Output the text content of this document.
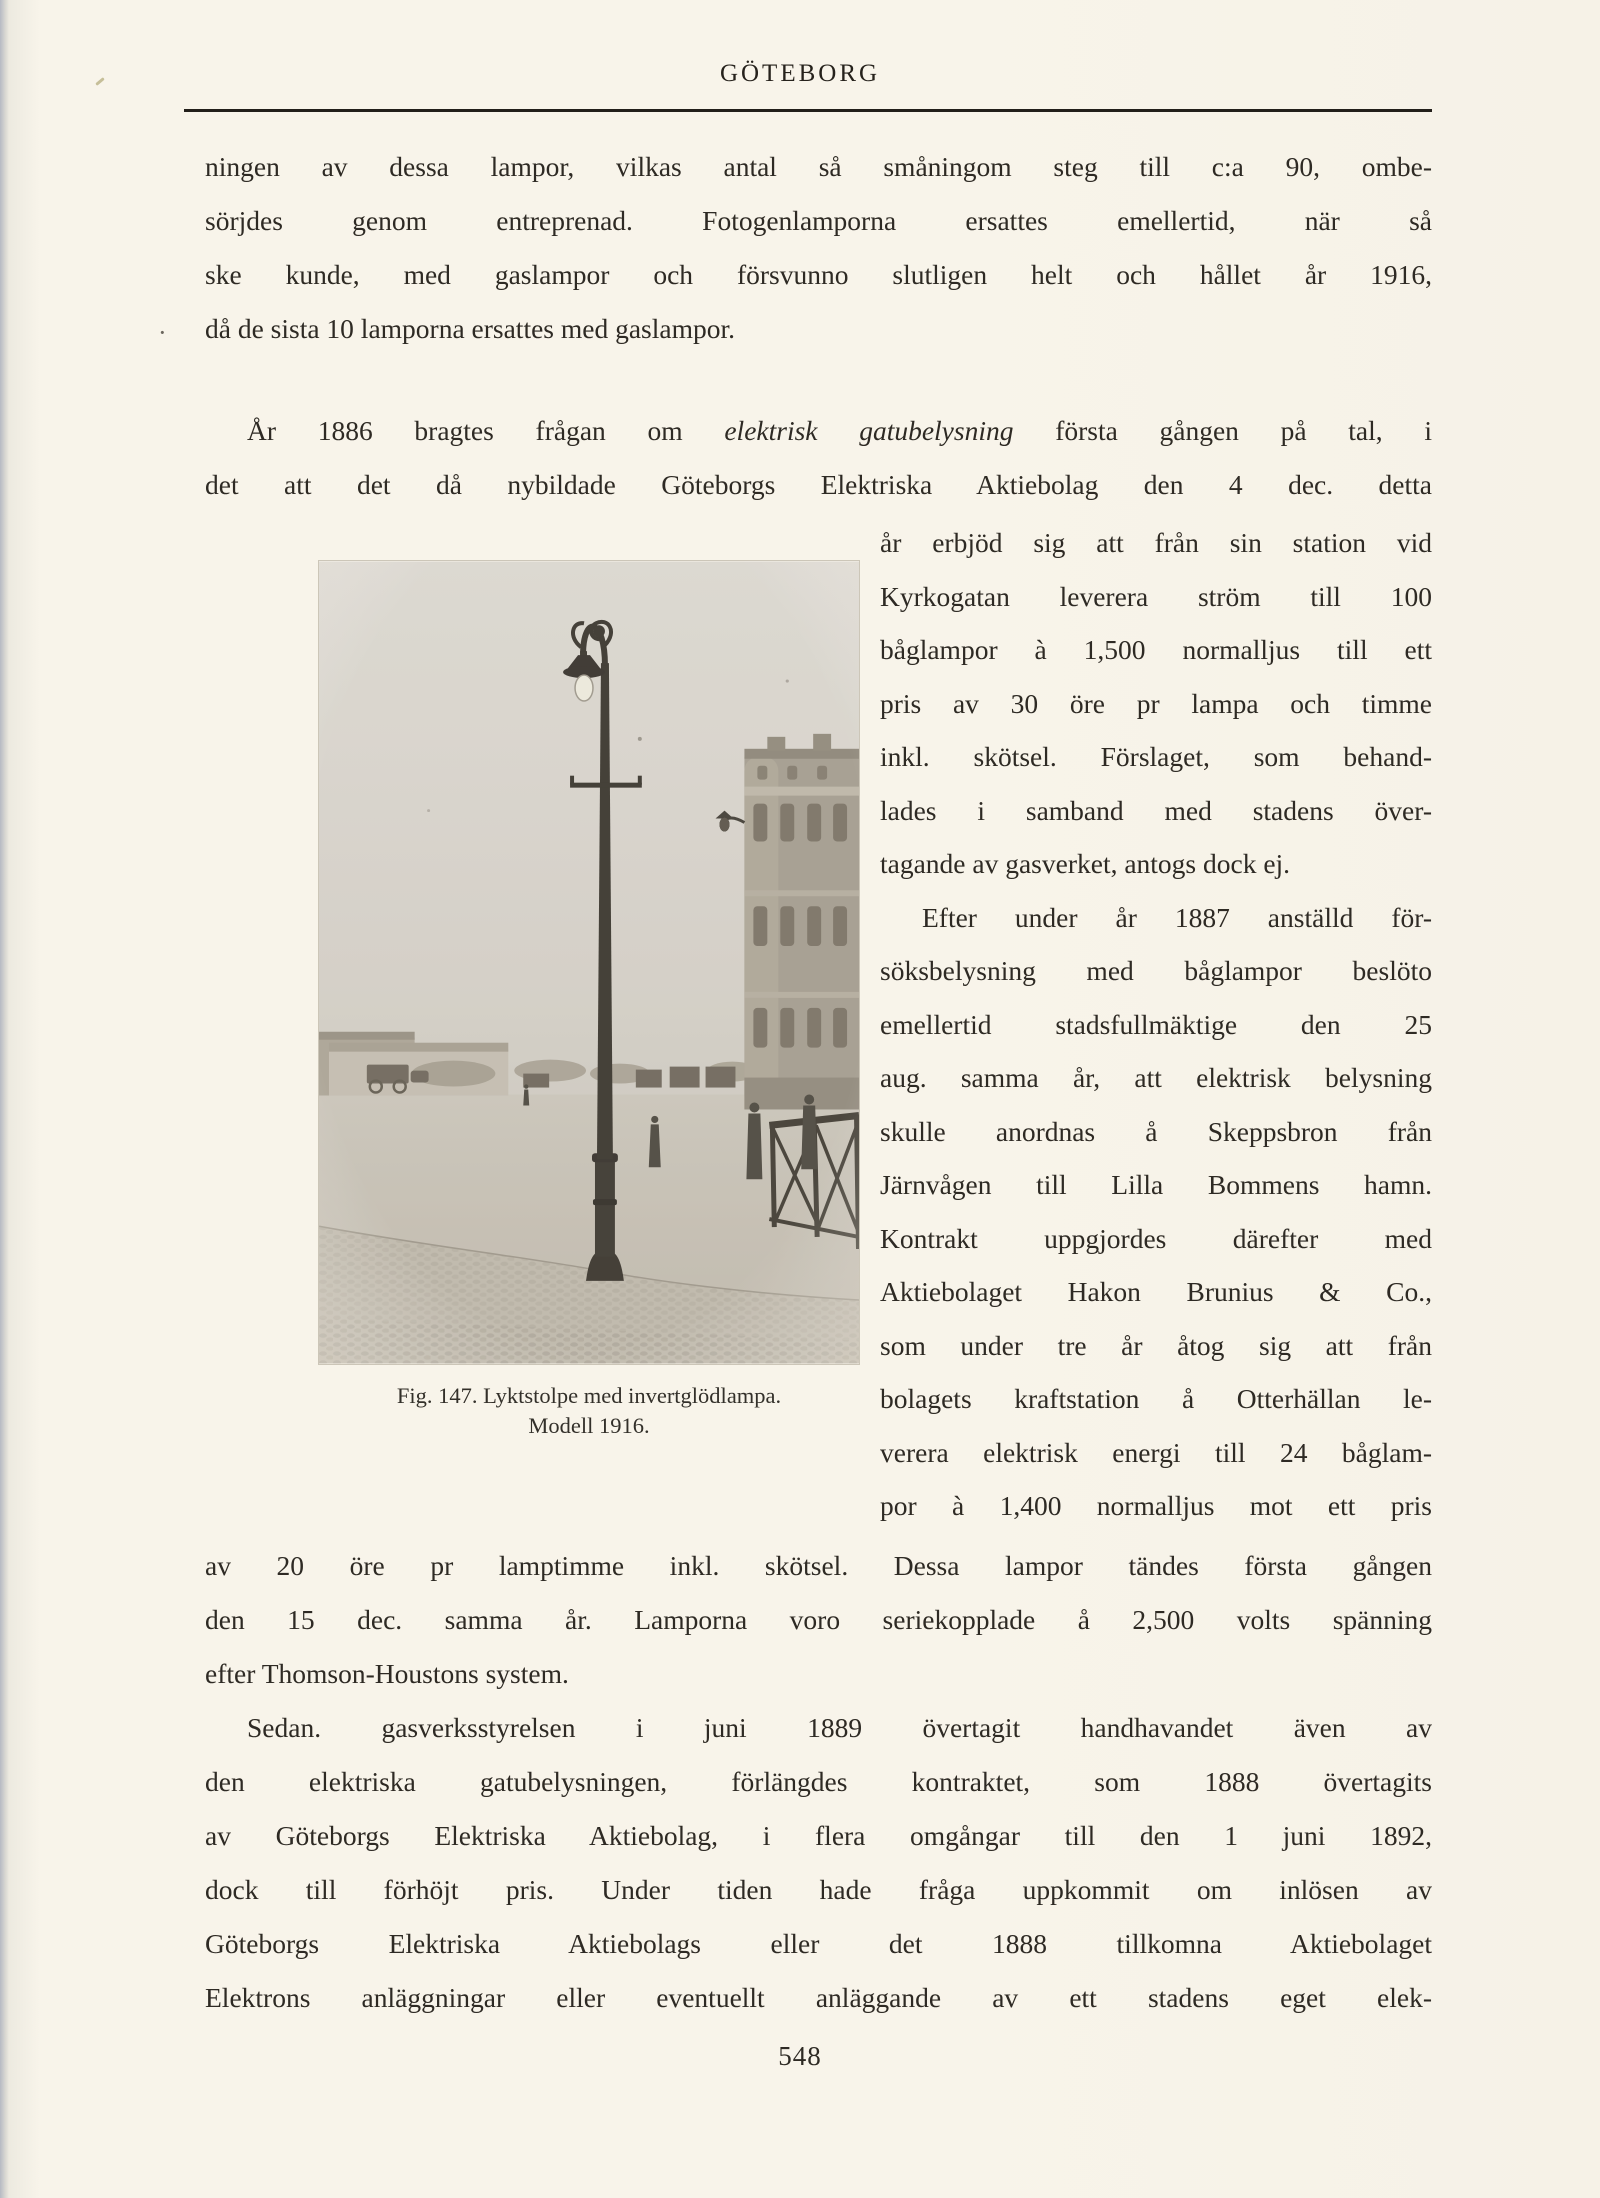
GÖTEBORG
·
ningen av dessa lampor, vilkas antal så småningom steg till c:a 90, ombe-
sörjdes genom entreprenad. Fotogenlamporna ersattes emellertid, när så
ske kunde, med gaslampor och försvunno slutligen helt och hållet år 1916,
då de sista 10 lamporna ersattes med gaslampor.
År 1886 bragtes frågan om elektrisk gatubelysning första gången på tal, i
det att det då nybildade Göteborgs Elektriska Aktiebolag den 4 dec. detta
Fig. 147. Lyktstolpe med invertglödlampa.
Modell 1916.
år erbjöd sig att från sin station vid
Kyrkogatan leverera ström till 100
båglampor à 1,500 normalljus till ett
pris av 30 öre pr lampa och timme
inkl. skötsel. Förslaget, som behand-
lades i samband med stadens över-
tagande av gasverket, antogs dock ej.
Efter under år 1887 anställd för-
söksbelysning med båglampor beslöto
emellertid stadsfullmäktige den 25
aug. samma år, att elektrisk belysning
skulle anordnas å Skeppsbron från
Järnvågen till Lilla Bommens hamn.
Kontrakt uppgjordes därefter med
Aktiebolaget Hakon Brunius & Co.,
som under tre år åtog sig att från
bolagets kraftstation å Otterhällan le-
verera elektrisk energi till 24 båglam-
por à 1,400 normalljus mot ett pris
av 20 öre pr lamptimme inkl. skötsel. Dessa lampor tändes första gången
den 15 dec. samma år. Lamporna voro seriekopplade å 2,500 volts spänning
efter Thomson-Houstons system.
Sedan. gasverksstyrelsen i juni 1889 övertagit handhavandet även av
den elektriska gatubelysningen, förlängdes kontraktet, som 1888 övertagits
av Göteborgs Elektriska Aktiebolag, i flera omgångar till den 1 juni 1892,
dock till förhöjt pris. Under tiden hade fråga uppkommit om inlösen av
Göteborgs Elektriska Aktiebolags eller det 1888 tillkomna Aktiebolaget
Elektrons anläggningar eller eventuellt anläggande av ett stadens eget elek-
548
